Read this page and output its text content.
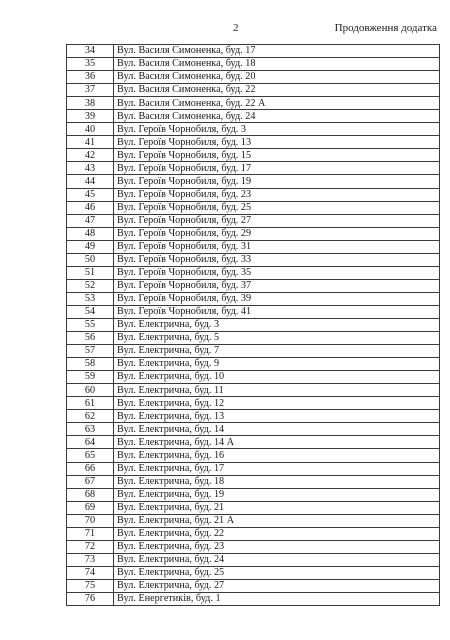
2	Продовження додатка
34	Вул. Василя Симоненка, буд. 17
35	Вул. Василя Симоненка, буд. 18
36	Вул. Василя Симоненка, буд. 20
37	Вул. Василя Симоненка, буд. 22
38	Вул. Василя Симоненка, буд. 22 А
39	Вул. Василя Симоненка, буд. 24
40	Вул. Героїв Чорнобиля, буд. 3
41	Вул. Героїв Чорнобиля, буд. 13
42	Вул. Героїв Чорнобиля, буд. 15
43	Вул. Героїв Чорнобиля, буд. 17
44	Вул. Героїв Чорнобиля, буд. 19
45	Вул. Героїв Чорнобиля, буд. 23
46	Вул. Героїв Чорнобиля, буд. 25
47	Вул. Героїв Чорнобиля, буд. 27
48	Вул. Героїв Чорнобиля, буд. 29
49	Вул. Героїв Чорнобиля, буд. 31
50	Вул. Героїв Чорнобиля, буд. 33
51	Вул. Героїв Чорнобиля, буд. 35
52	Вул. Героїв Чорнобиля, буд. 37
53	Вул. Героїв Чорнобиля, буд. 39
54	Вул. Героїв Чорнобиля, буд. 41
55	Вул. Електрична, буд. 3
56	Вул. Електрична, буд. 5
57	Вул. Електрична, буд. 7
58	Вул. Електрична, буд. 9
59	Вул. Електрична, буд. 10
60	Вул. Електрична, буд. 11
61	Вул. Електрична, буд. 12
62	Вул. Електрична, буд. 13
63	Вул. Електрична, буд. 14
64	Вул. Електрична, буд. 14 А
65	Вул. Електрична, буд. 16
66	Вул. Електрична, буд. 17
67	Вул. Електрична, буд. 18
68	Вул. Електрична, буд. 19
69	Вул. Електрична, буд. 21
70	Вул. Електрична, буд. 21 А
71	Вул. Електрична, буд. 22
72	Вул. Електрична, буд. 23
73	Вул. Електрична, буд. 24
74	Вул. Електрична, буд. 25
75	Вул. Електрична, буд. 27
76	Вул. Енергетиків, буд. 1
